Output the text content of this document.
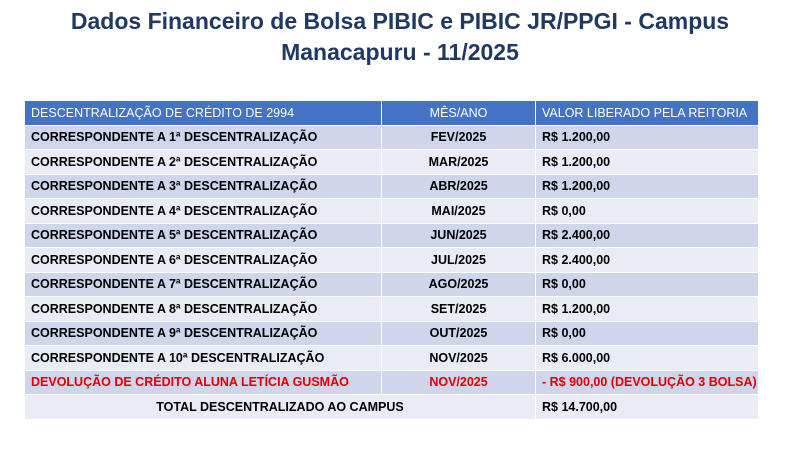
Dados Financeiro de Bolsa PIBIC e PIBIC JR/PPGI - Campus Manacapuru - 11/2025
DESCENTRALIZAÇÃO DE CRÉDITO DE 2994	MÊS/ANO	VALOR LIBERADO PELA REITORIA
CORRESPONDENTE A 1ª DESCENTRALIZAÇÃO	FEV/2025	R$ 1.200,00
CORRESPONDENTE A 2ª DESCENTRALIZAÇÃO	MAR/2025	R$ 1.200,00
CORRESPONDENTE A 3ª DESCENTRALIZAÇÃO	ABR/2025	R$ 1.200,00
CORRESPONDENTE A 4ª DESCENTRALIZAÇÃO	MAI/2025	R$ 0,00
CORRESPONDENTE A 5ª DESCENTRALIZAÇÃO	JUN/2025	R$ 2.400,00
CORRESPONDENTE A 6ª DESCENTRALIZAÇÃO	JUL/2025	R$ 2.400,00
CORRESPONDENTE A 7ª DESCENTRALIZAÇÃO	AGO/2025	R$ 0,00
CORRESPONDENTE A 8ª DESCENTRALIZAÇÃO	SET/2025	R$ 1.200,00
CORRESPONDENTE A 9ª DESCENTRALIZAÇÃO	OUT/2025	R$ 0,00
CORRESPONDENTE A 10ª DESCENTRALIZAÇÃO	NOV/2025	R$ 6.000,00
DEVOLUÇÃO DE CRÉDITO ALUNA LETÍCIA GUSMÃO	NOV/2025	- R$ 900,00 (DEVOLUÇÃO 3 BOLSA)
TOTAL DESCENTRALIZADO AO CAMPUS		R$ 14.700,00
